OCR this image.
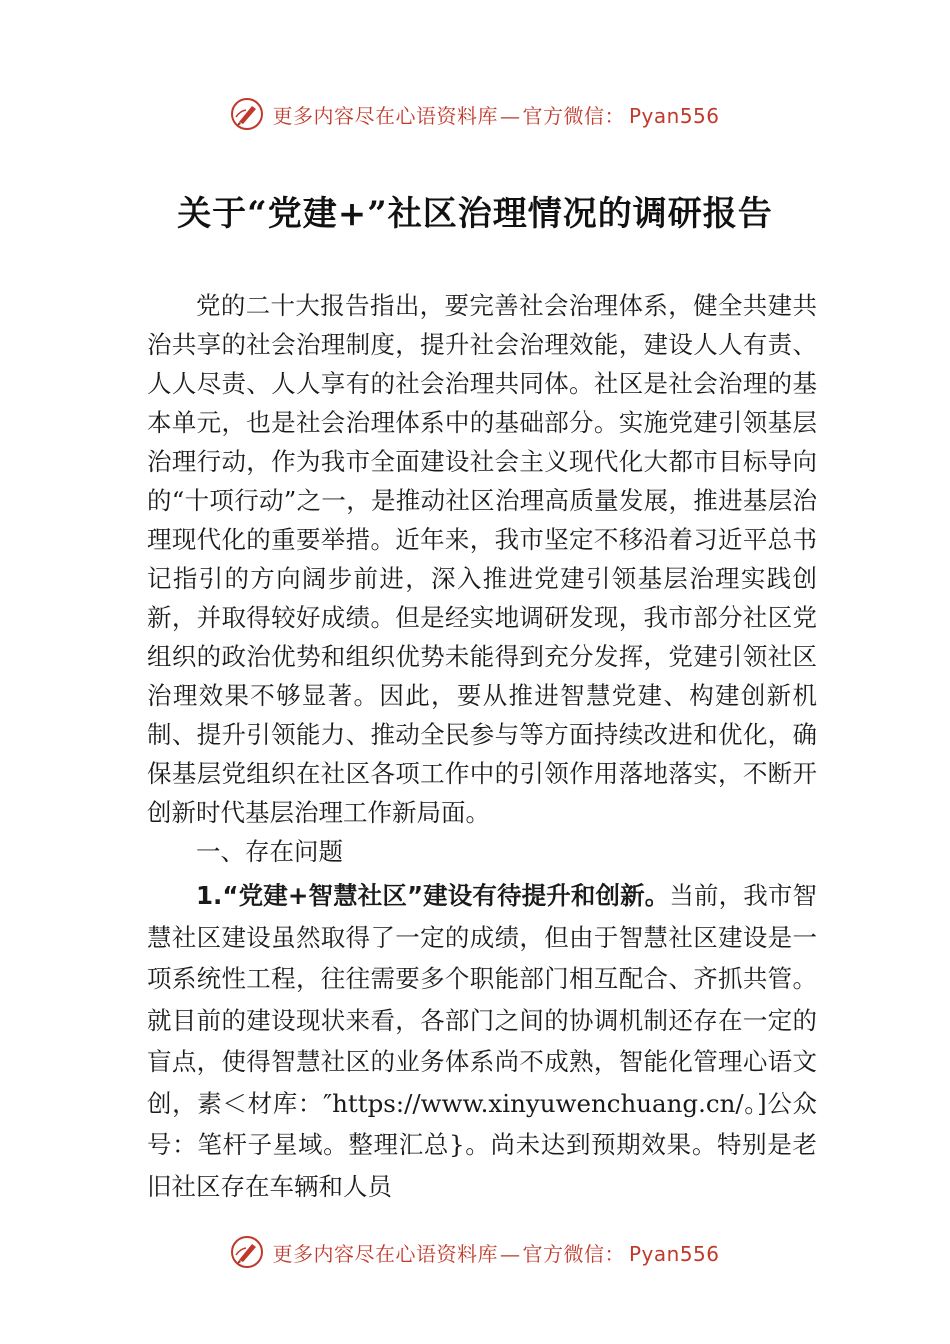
更多内容尽在心语资料库 — 官方微信： Pyan556
关于“党建+”社区治理情况的调研报告

党的二十大报告指出，要完善社会治理体系，健全共建共治共享的社会治理制度，提升社会治理效能，建设人人有责、人人尽责、人人享有的社会治理共同体。社区是社会治理的基本单元，也是社会治理体系中的基础部分。实施党建引领基层治理行动，作为我市全面建设社会主义现代化大都市目标导向的“十项行动”之一，是推动社区治理高质量发展，推进基层治理现代化的重要举措。近年来，我市坚定不移沿着习近平总书记指引的方向阔步前进，深入推进党建引领基层治理实践创新，并取得较好成绩。但是经实地调研发现，我市部分社区党组织的政治优势和组织优势未能得到充分发挥，党建引领社区治理效果不够显著。因此，要从推进智慧党建、构建创新机制、提升引领能力、推动全民参与等方面持续改进和优化，确保基层党组织在社区各项工作中的引领作用落地落实，不断开创新时代基层治理工作新局面。

一、存在问题

1.“党建+智慧社区”建设有待提升和创新。当前，我市智慧社区建设虽然取得了一定的成绩，但由于智慧社区建设是一项系统性工程，往往需要多个职能部门相互配合、齐抓共管。就目前的建设现状来看，各部门之间的协调机制还存在一定的盲点，使得智慧社区的业务体系尚不成熟，智能化管理心语文创，素＜材库：″https://www.xinyuwenchuang.cn/。]公众号：笔杆子星域。整理汇总}。尚未达到预期效果。特别是老旧社区存在车辆和人员

更多内容尽在心语资料库 — 官方微信： Pyan556
